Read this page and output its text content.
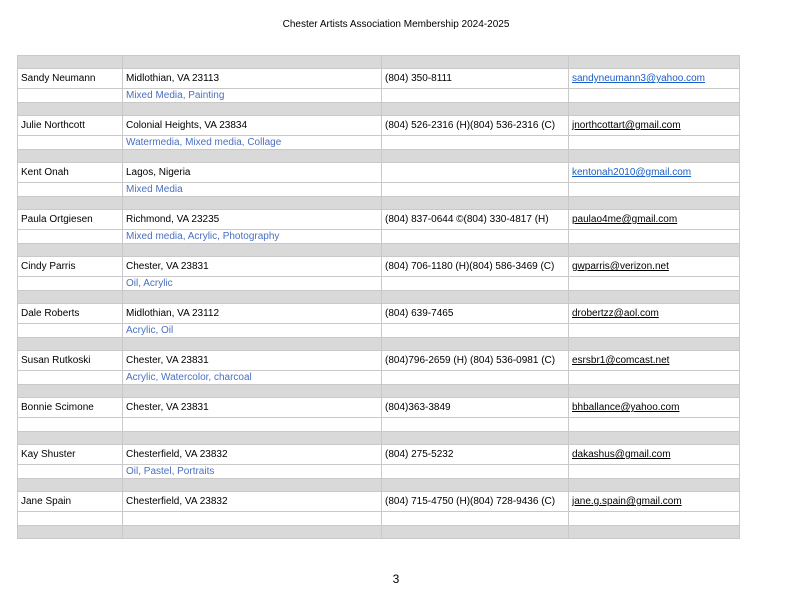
Chester Artists Association Membership 2024-2025

Sandy Neumann	Midlothian, VA 23113	(804) 350-8111	sandyneumann3@yahoo.com
	Mixed Media, Painting		

Julie Northcott	Colonial Heights, VA 23834	(804) 526-2316 (H)(804) 536-2316 (C)	jnorthcottart@gmail.com
	Watermedia, Mixed media, Collage		

Kent Onah	Lagos, Nigeria		kentonah2010@gmail.com
	Mixed Media		

Paula Ortgiesen	Richmond, VA 23235	(804) 837-0644 ©(804) 330-4817 (H)	paulao4me@gmail.com
	Mixed media, Acrylic, Photography		

Cindy Parris	Chester, VA 23831	(804) 706-1180 (H)(804) 586-3469 (C)	gwparris@verizon.net
	Oil, Acrylic		

Dale Roberts	Midlothian, VA 23112	(804) 639-7465	drobertzz@aol.com
	Acrylic, Oil		

Susan Rutkoski	Chester, VA 23831	(804)796-2659 (H) (804) 536-0981 (C)	esrsbr1@comcast.net
	Acrylic, Watercolor, charcoal		

Bonnie Scimone	Chester, VA 23831	(804)363-3849	bhballance@yahoo.com

Kay Shuster	Chesterfield, VA 23832	(804) 275-5232	dakashus@gmail.com
	Oil, Pastel, Portraits		

Jane Spain	Chesterfield, VA 23832	(804) 715-4750 (H)(804) 728-9436 (C)	jane.g.spain@gmail.com

3
